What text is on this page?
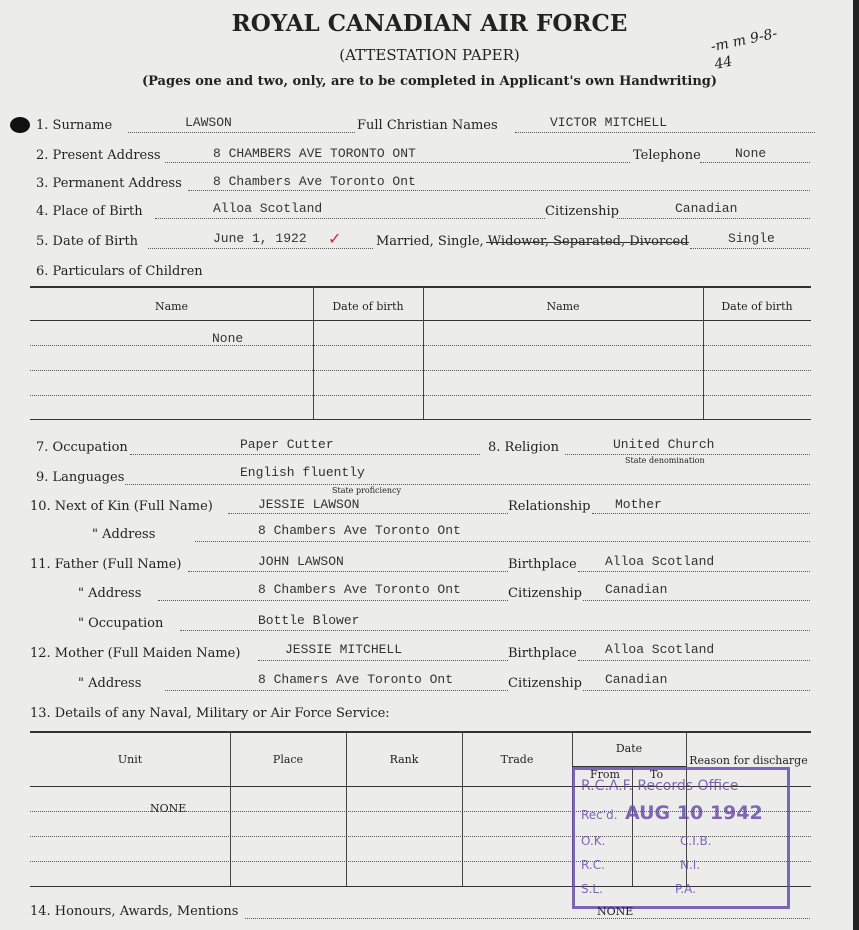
ROYAL CANADIAN AIR FORCE
(ATTESTATION PAPER)
(Pages one and two, only, are to be completed in Applicant's own Handwriting)
-m m 9-8-44
1. Surname	LAWSON	Full Christian Names	VICTOR MITCHELL
2. Present Address	8 CHAMBERS AVE TORONTO ONT	Telephone	None
3. Permanent Address 8 Chambers Ave Toronto Ont
4. Place of Birth	Alloa Scotland	Citizenship	Canadian
5. Date of Birth	June 1, 1922 ✓	Married, Single, Widower, Separated, Divorced	Single
6. Particulars of Children
Name	Date of birth	Name	Date of birth
None
7. Occupation	Paper Cutter	8. Religion	United Church
State denomination
9. Languages	English fluently
State proficiency
10. Next of Kin (Full Name)	JESSIE LAWSON	Relationship Mother
" Address	8 Chambers Ave Toronto Ont
11. Father (Full Name)	JOHN LAWSON	Birthplace Alloa Scotland
" Address	8 Chambers Ave Toronto Ont	Citizenship Canadian
" Occupation	Bottle Blower
12. Mother (Full Maiden Name)	JESSIE MITCHELL	Birthplace Alloa Scotland
" Address	8 Chamers Ave Toronto Ont	Citizenship Canadian
13. Details of any Naval, Military or Air Force Service:
Unit	Place	Rank	Trade
Date
Reason for discharge
From	To
NONE
R.C.A.F. Records Office
Rec'd. AUG 10 1942
O.K.	C.I.B.
R.C.	N.I.
S.L.	P.A.
14. Honours, Awards, Mentions	NONE
